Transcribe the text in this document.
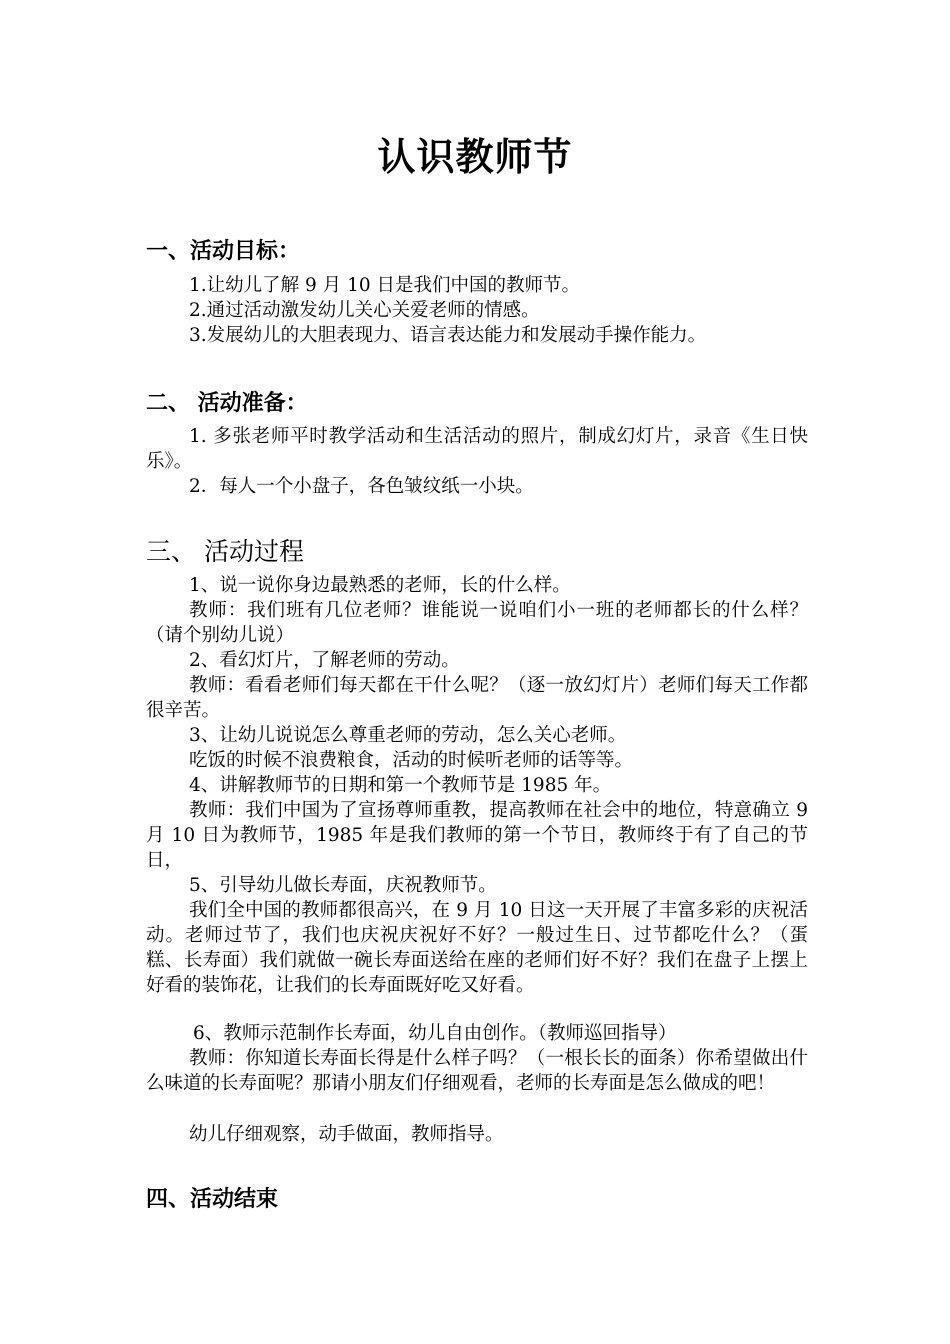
认识教师节
一、活动目标：
1.让幼儿了解 9 月 10 日是我们中国的教师节。
2.通过活动激发幼儿关心关爱老师的情感。
3.发展幼儿的大胆表现力、语言表达能力和发展动手操作能力。
二、 活动准备：
1. 多张老师平时教学活动和生活活动的照片，制成幻灯片，录音《生日快乐》。
2．每人一个小盘子，各色皱纹纸一小块。
三、 活动过程
1、说一说你身边最熟悉的老师，长的什么样。
教师：我们班有几位老师？谁能说一说咱们小一班的老师都长的什么样？（请个别幼儿说）
2、看幻灯片，了解老师的劳动。
教师：看看老师们每天都在干什么呢？（逐一放幻灯片）老师们每天工作都很辛苦。
3、让幼儿说说怎么尊重老师的劳动，怎么关心老师。
吃饭的时候不浪费粮食，活动的时候听老师的话等等。
4、讲解教师节的日期和第一个教师节是 1985 年。
教师：我们中国为了宣扬尊师重教，提高教师在社会中的地位，特意确立 9 月 10 日为教师节，1985 年是我们教师的第一个节日，教师终于有了自己的节日，
5、引导幼儿做长寿面，庆祝教师节。
我们全中国的教师都很高兴，在 9 月 10 日这一天开展了丰富多彩的庆祝活动。老师过节了，我们也庆祝庆祝好不好？一般过生日、过节都吃什么？（蛋糕、长寿面）我们就做一碗长寿面送给在座的老师们好不好？我们在盘子上摆上好看的装饰花，让我们的长寿面既好吃又好看。
6、教师示范制作长寿面，幼儿自由创作。（教师巡回指导）
教师：你知道长寿面长得是什么样子吗？（一根长长的面条）你希望做出什么味道的长寿面呢？那请小朋友们仔细观看，老师的长寿面是怎么做成的吧！
幼儿仔细观察，动手做面，教师指导。
四、活动结束
